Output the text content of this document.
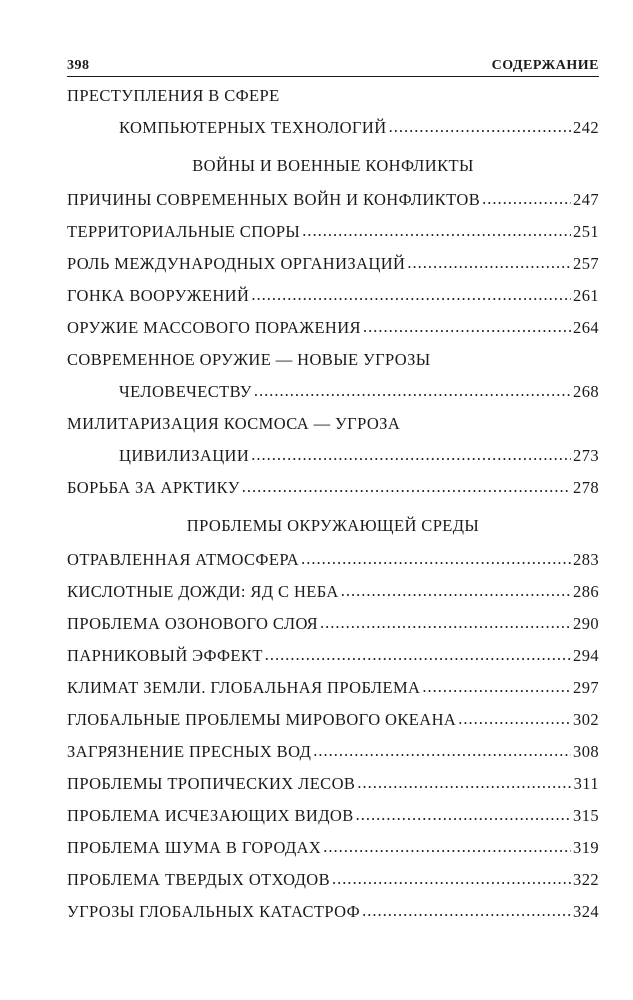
398	СОДЕРЖАНИЕ
ПРЕСТУПЛЕНИЯ В СФЕРЕ
КОМПЬЮТЕРНЫХ ТЕХНОЛОГИЙ .....	242
ВОЙНЫ И ВОЕННЫЕ КОНФЛИКТЫ
ПРИЧИНЫ СОВРЕМЕННЫХ ВОЙН И КОНФЛИКТОВ .....	247
ТЕРРИТОРИАЛЬНЫЕ СПОРЫ .....	251
РОЛЬ МЕЖДУНАРОДНЫХ ОРГАНИЗАЦИЙ .....	257
ГОНКА ВООРУЖЕНИЙ .....	261
ОРУЖИЕ МАССОВОГО ПОРАЖЕНИЯ .....	264
СОВРЕМЕННОЕ ОРУЖИЕ — НОВЫЕ УГРОЗЫ
ЧЕЛОВЕЧЕСТВУ .....	268
МИЛИТАРИЗАЦИЯ КОСМОСА — УГРОЗА
ЦИВИЛИЗАЦИИ .....	273
БОРЬБА ЗА АРКТИКУ .....	278
ПРОБЛЕМЫ ОКРУЖАЮЩЕЙ СРЕДЫ
ОТРАВЛЕННАЯ АТМОСФЕРА .....	283
КИСЛОТНЫЕ ДОЖДИ: ЯД С НЕБА .....	286
ПРОБЛЕМА ОЗОНОВОГО СЛОЯ .....	290
ПАРНИКОВЫЙ ЭФФЕКТ .....	294
КЛИМАТ ЗЕМЛИ. ГЛОБАЛЬНАЯ ПРОБЛЕМА .....	297
ГЛОБАЛЬНЫЕ ПРОБЛЕМЫ МИРОВОГО ОКЕАНА .....	302
ЗАГРЯЗНЕНИЕ ПРЕСНЫХ ВОД .....	308
ПРОБЛЕМЫ ТРОПИЧЕСКИХ ЛЕСОВ .....	311
ПРОБЛЕМА ИСЧЕЗАЮЩИХ ВИДОВ .....	315
ПРОБЛЕМА ШУМА В ГОРОДАХ .....	319
ПРОБЛЕМА ТВЕРДЫХ ОТХОДОВ .....	322
УГРОЗЫ ГЛОБАЛЬНЫХ КАТАСТРОФ .....	324
